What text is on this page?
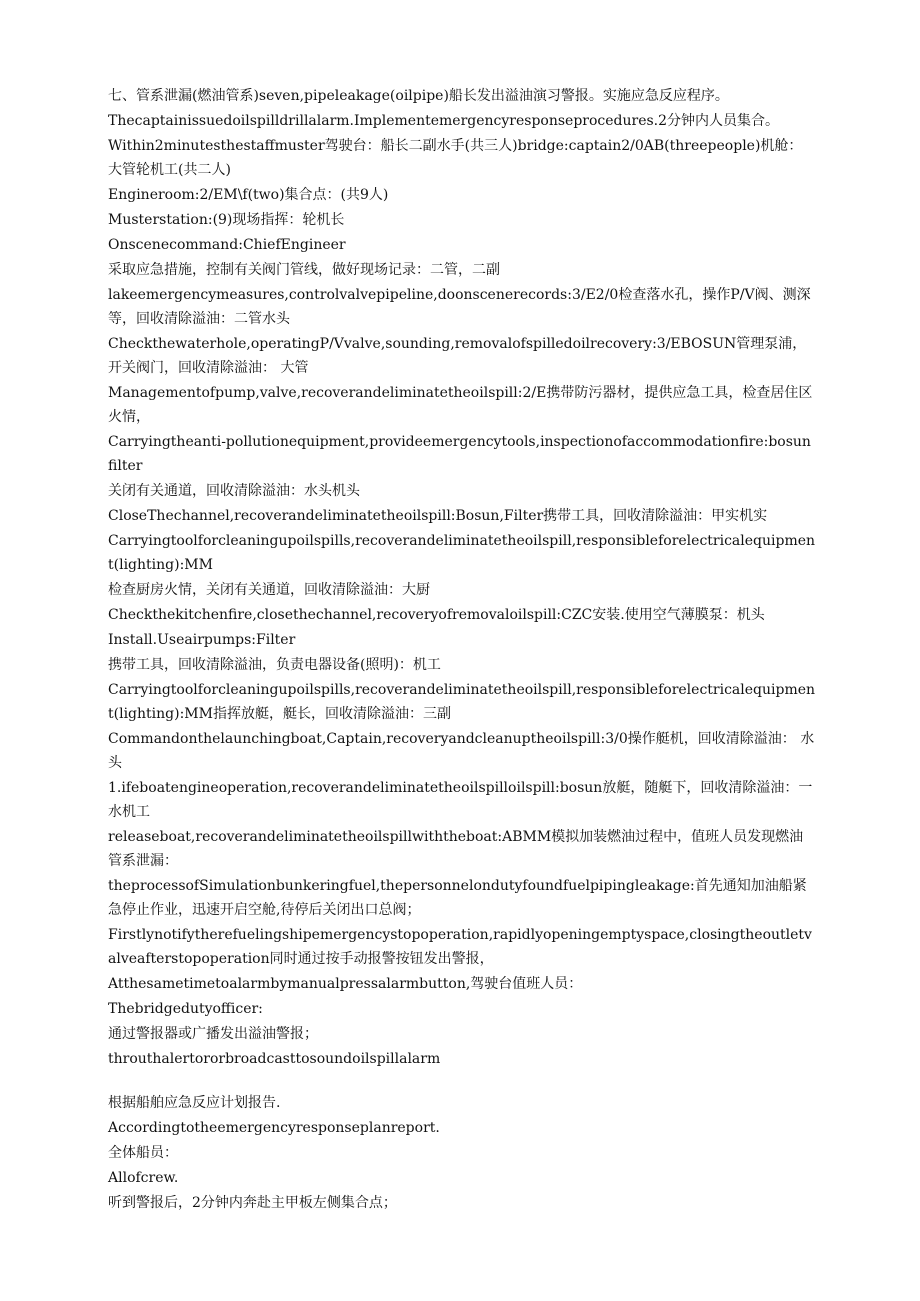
七、管系泄漏(燃油管系)seven,pipeleakage(oilpipe)船长发出溢油演习警报。实施应急反应程序。

Thecaptainissuedoilspilldrillalarm.Implementemergencyresponseprocedures.2分钟内人员集合。

Within2minutesthestaffmuster驾驶台：船长二副水手(共三人)bridge:captain2/0AB(threepeople)机舱：大管轮机工(共二人)

Engineroom:2/EM\f(two)集合点：(共9人)

Musterstation:(9)现场指挥：轮机长

Onscenecommand:ChiefEngineer

采取应急措施，控制有关阀门管线，做好现场记录：二管，二副

lakeemergencymeasures,controlvalvepipeline,doonscenerecords:3/E2/0检查落水孔，操作P/V阀、测深等，回收清除溢油：二管水头

Checkthewaterhole,operatingP/Vvalve,sounding,removalofspilledoilrecovery:3/EBOSUN管理泵浦，开关阀门，回收清除溢油： 大管

Managementofpump,valve,recoverandeliminatetheoilspill:2/E携带防污器材，提供应急工具，检查居住区火情，

Carryingtheanti-pollutionequipment,provideemergencytools,inspectionofaccommodationfire:bosunfilter

关闭有关通道，回收清除溢油：水头机头

CloseThechannel,recoverandeliminatetheoilspill:Bosun,Filter携带工具，回收清除溢油：甲实机实

Carryingtoolforcleaningupoilspills,recoverandeliminatetheoilspill,responsibleforelectricalequipment(lighting):MM

检查厨房火情，关闭有关通道，回收清除溢油：大厨

Checkthekitchenfire,closethechannel,recoveryofremovaloilspill:CZC安装.使用空气薄膜泵：机头

Install.Useairpumps:Filter

携带工具，回收清除溢油，负责电器设备(照明)：机工

Carryingtoolforcleaningupoilspills,recoverandeliminatetheoilspill,responsibleforelectricalequipment(lighting):MM指挥放艇，艇长，回收清除溢油：三副

Commandonthelaunchingboat,Captain,recoveryandcleanuptheoilspill:3/0操作艇机，回收清除溢油： 水头

1.ifeboatengineoperation,recoverandeliminatetheoilspilloilspill:bosun放艇，随艇下，回收清除溢油：一水机工

releaseboat,recoverandeliminatetheoilspillwiththeboat:ABMM模拟加装燃油过程中，值班人员发现燃油管系泄漏：

theprocessofSimulationbunkeringfuel,thepersonnelondutyfoundfuelpipingleakage:首先通知加油船紧急停止作业，迅速开启空舱,待停后关闭出口总阀；

Firstlynotifytherefuelingshipemergencystopoperation,rapidlyopeningemptyspace,closingtheoutletvalveafterstopoperation同时通过按手动报警按钮发出警报，

Atthesametimetoalarmbymanualpressalarmbutton,驾驶台值班人员：

Thebridgedutyofficer:

通过警报器或广播发出溢油警报；

throuthalertororbroadcasttosoundoilspillalarm

根据船舶应急反应计划报告.

Accordingtotheemergencyresponseplanreport.

全体船员：

Allofcrew.

听到警报后，2分钟内奔赴主甲板左侧集合点；
